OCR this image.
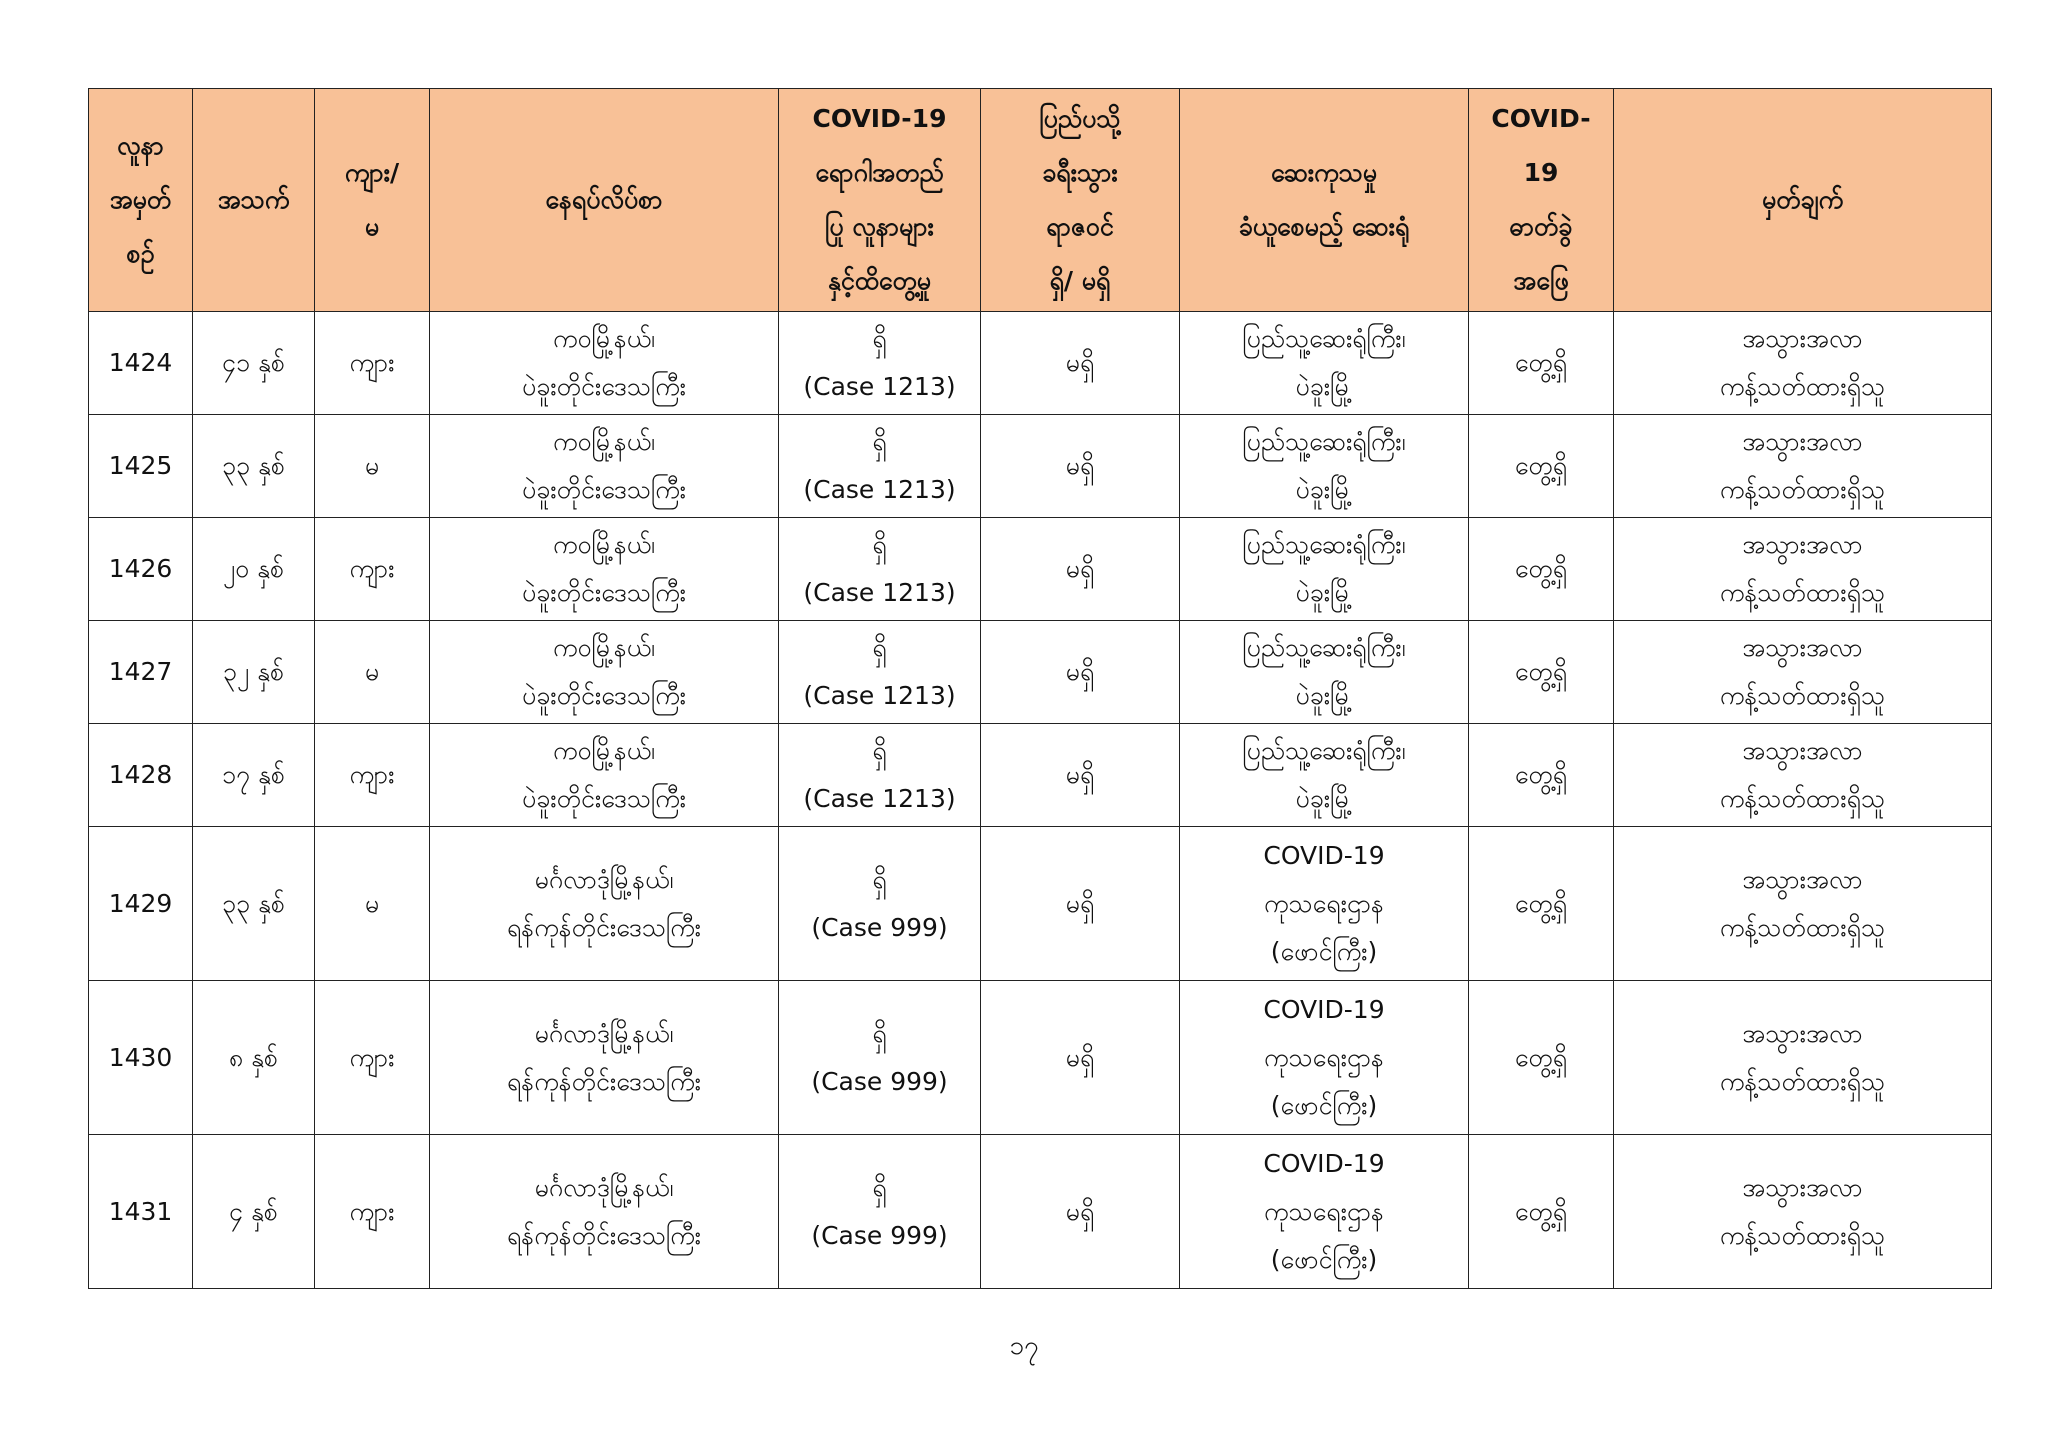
လူနာ
အမှတ်
စဉ်	အသက်	ကျား/
မ	နေရပ်လိပ်စာ	COVID-19
ရောဂါအတည်
ပြု လူနာများ
နှင့်ထိတွေ့မှု	ပြည်ပသို့
ခရီးသွား
ရာဇဝင်
ရှိ/ မရှိ	ဆေးကုသမှု
ခံယူစေမည့် ဆေးရုံ	COVID-
19
ဓာတ်ခွဲ
အဖြေ	မှတ်ချက်

1424	၄၁ နှစ်	ကျား	ကဝမြို့နယ်၊
ပဲခူးတိုင်းဒေသကြီး	ရှိ
(Case 1213)	မရှိ	ပြည်သူ့ဆေးရုံကြီး၊
ပဲခူးမြို့	တွေ့ရှိ	အသွားအလာ
ကန့်သတ်ထားရှိသူ

1425	၃၃ နှစ်	မ	ကဝမြို့နယ်၊
ပဲခူးတိုင်းဒေသကြီး	ရှိ
(Case 1213)	မရှိ	ပြည်သူ့ဆေးရုံကြီး၊
ပဲခူးမြို့	တွေ့ရှိ	အသွားအလာ
ကန့်သတ်ထားရှိသူ

1426	၂၀ နှစ်	ကျား	ကဝမြို့နယ်၊
ပဲခူးတိုင်းဒေသကြီး	ရှိ
(Case 1213)	မရှိ	ပြည်သူ့ဆေးရုံကြီး၊
ပဲခူးမြို့	တွေ့ရှိ	အသွားအလာ
ကန့်သတ်ထားရှိသူ

1427	၃၂ နှစ်	မ	ကဝမြို့နယ်၊
ပဲခူးတိုင်းဒေသကြီး	ရှိ
(Case 1213)	မရှိ	ပြည်သူ့ဆေးရုံကြီး၊
ပဲခူးမြို့	တွေ့ရှိ	အသွားအလာ
ကန့်သတ်ထားရှိသူ

1428	၁၇ နှစ်	ကျား	ကဝမြို့နယ်၊
ပဲခူးတိုင်းဒေသကြီး	ရှိ
(Case 1213)	မရှိ	ပြည်သူ့ဆေးရုံကြီး၊
ပဲခူးမြို့	တွေ့ရှိ	အသွားအလာ
ကန့်သတ်ထားရှိသူ

1429	၃၃ နှစ်	မ	မင်္ဂလာဒုံမြို့နယ်၊
ရန်ကုန်တိုင်းဒေသကြီး	ရှိ
(Case 999)	မရှိ	COVID-19
ကုသရေးဌာန
(ဖောင်ကြီး)	တွေ့ရှိ	အသွားအလာ
ကန့်သတ်ထားရှိသူ

1430	၈ နှစ်	ကျား	မင်္ဂလာဒုံမြို့နယ်၊
ရန်ကုန်တိုင်းဒေသကြီး	ရှိ
(Case 999)	မရှိ	COVID-19
ကုသရေးဌာန
(ဖောင်ကြီး)	တွေ့ရှိ	အသွားအလာ
ကန့်သတ်ထားရှိသူ

1431	၄ နှစ်	ကျား	မင်္ဂလာဒုံမြို့နယ်၊
ရန်ကုန်တိုင်းဒေသကြီး	ရှိ
(Case 999)	မရှိ	COVID-19
ကုသရေးဌာန
(ဖောင်ကြီး)	တွေ့ရှိ	အသွားအလာ
ကန့်သတ်ထားရှိသူ
၁၇
